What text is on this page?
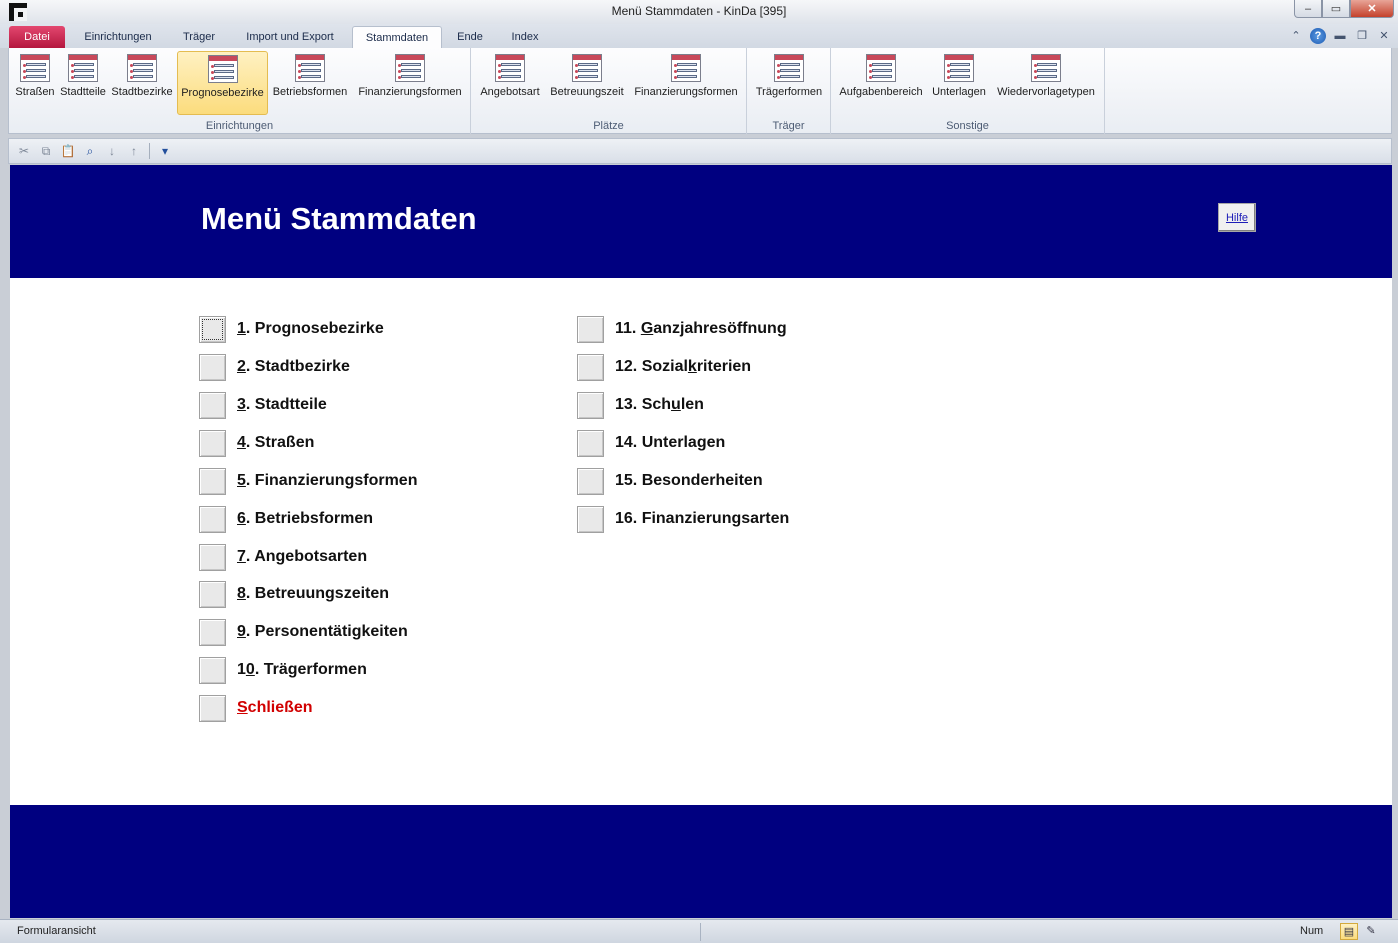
Menü Stammdaten - KinDa [395]	–	▭	✕
Datei	Einrichtungen	Träger	Import und Export	Stammdaten	Ende	Index	⌃	?	▬ ❐	✕
Straßen Stadtteile Stadtbezirke Prognosebezirke Betriebsformen	Finanzierungsformen
Einrichtungen
Angebotsart Betreuungszeit Finanzierungsformen
Plätze
Trägerformen
Träger
Aufgabenbereich Unterlagen	Wiedervorlagetypen
Sonstige
✂	⧉ 📋 ⌕	↓	↑	▾
Menü Stammdaten	Hilfe
1. Prognosebezirke
2. Stadtbezirke
3. Stadtteile
4. Straßen
5. Finanzierungsformen
6. Betriebsformen
7. Angebotsarten
8. Betreuungszeiten
9. Personentätigkeiten
10. Trägerformen
Schließen
11. Ganzjahresöffnung
12. Sozialkriterien
13. Schulen
14. Unterlagen
15. Besonderheiten
16. Finanzierungsarten
Formularansicht	Num	▤	✎
